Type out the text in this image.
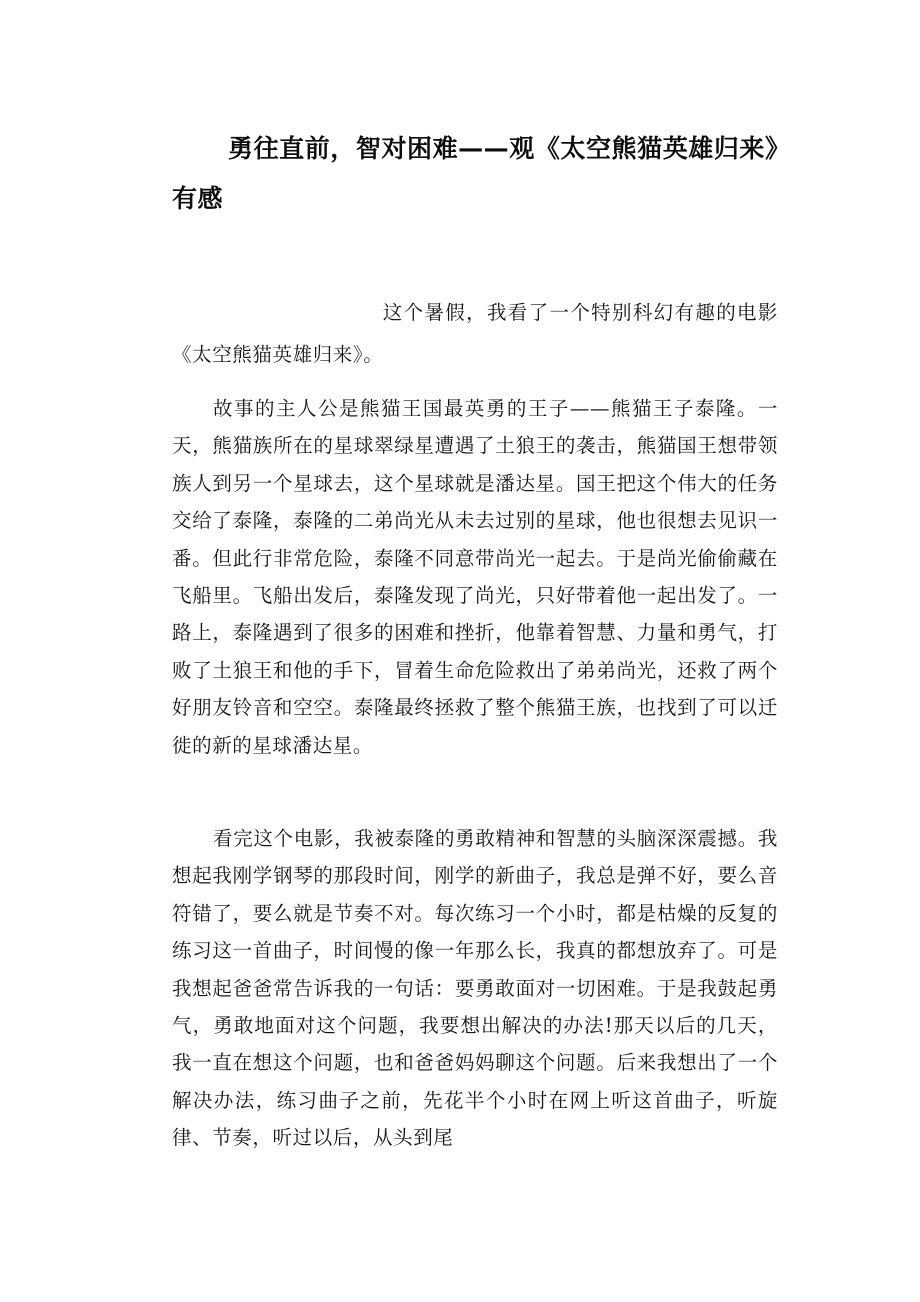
勇往直前，智对困难——观《太空熊猫英雄归来》有感

这个暑假，我看了一个特别科幻有趣的电影《太空熊猫英雄归来》。

故事的主人公是熊猫王国最英勇的王子——熊猫王子泰隆。一天，熊猫族所在的星球翠绿星遭遇了土狼王的袭击，熊猫国王想带领族人到另一个星球去，这个星球就是潘达星。国王把这个伟大的任务交给了泰隆，泰隆的二弟尚光从未去过别的星球，他也很想去见识一番。但此行非常危险，泰隆不同意带尚光一起去。于是尚光偷偷藏在飞船里。飞船出发后，泰隆发现了尚光，只好带着他一起出发了。一路上，泰隆遇到了很多的困难和挫折，他靠着智慧、力量和勇气，打败了土狼王和他的手下，冒着生命危险救出了弟弟尚光，还救了两个好朋友铃音和空空。泰隆最终拯救了整个熊猫王族，也找到了可以迁徙的新的星球潘达星。

看完这个电影，我被泰隆的勇敢精神和智慧的头脑深深震撼。我想起我刚学钢琴的那段时间，刚学的新曲子，我总是弹不好，要么音符错了，要么就是节奏不对。每次练习一个小时，都是枯燥的反复的练习这一首曲子，时间慢的像一年那么长，我真的都想放弃了。可是我想起爸爸常告诉我的一句话：要勇敢面对一切困难。于是我鼓起勇气，勇敢地面对这个问题，我要想出解决的办法!那天以后的几天，我一直在想这个问题，也和爸爸妈妈聊这个问题。后来我想出了一个解决办法，练习曲子之前，先花半个小时在网上听这首曲子，听旋律、节奏，听过以后，从头到尾
